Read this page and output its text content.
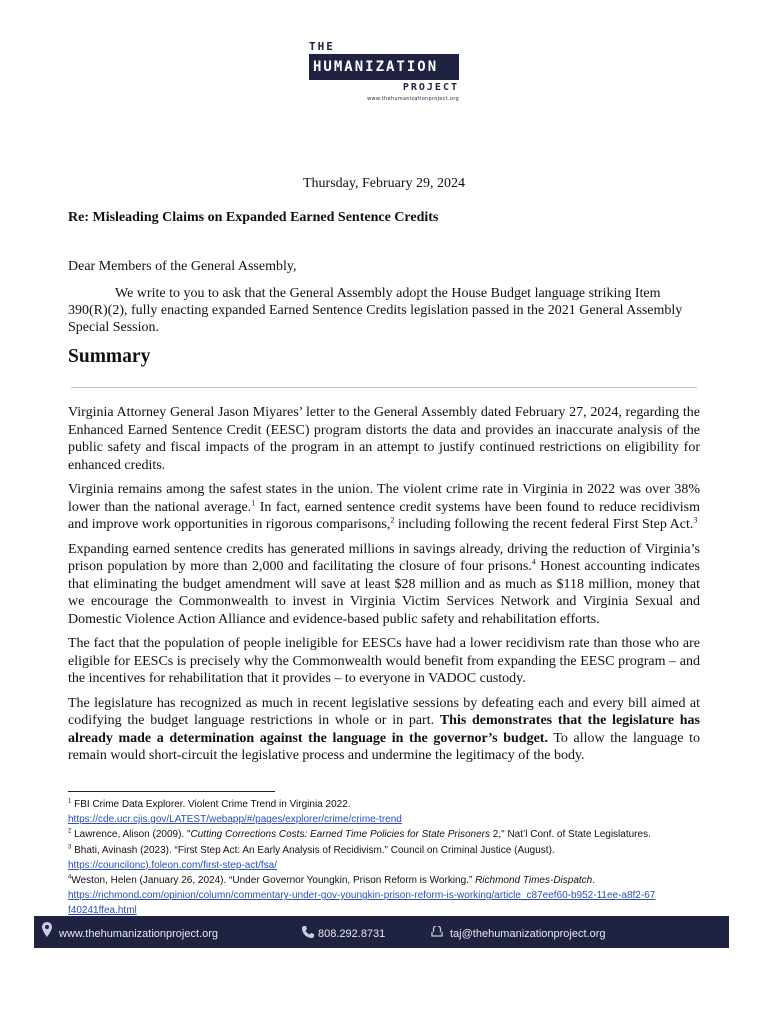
THE
HUMANIZATION
PROJECT
www.thehumanizationproject.org
Thursday, February 29, 2024
Re: Misleading Claims on Expanded Earned Sentence Credits
Dear Members of the General Assembly,

We write to you to ask that the General Assembly adopt the House Budget language striking Item 390(R)(2), fully enacting expanded Earned Sentence Credits legislation passed in the 2021 General Assembly Special Session.

Summary

Virginia Attorney General Jason Miyares’ letter to the General Assembly dated February 27, 2024, regarding the Enhanced Earned Sentence Credit (EESC) program distorts the data and provides an inaccurate analysis of the public safety and fiscal impacts of the program in an attempt to justify continued restrictions on eligibility for enhanced credits.

Virginia remains among the safest states in the union. The violent crime rate in Virginia in 2022 was over 38% lower than the national average.$^1$ In fact, earned sentence credit systems have been found to reduce recidivism and improve work opportunities in rigorous comparisons,$^2$ including following the recent federal First Step Act.$^3$

Expanding earned sentence credits has generated millions in savings already, driving the reduction of Virginia’s prison population by more than 2,000 and facilitating the closure of four prisons.$^4$ Honest accounting indicates that eliminating the budget amendment will save at least $28 million and as much as $118 million, money that we encourage the Commonwealth to invest in Virginia Victim Services Network and Virginia Sexual and Domestic Violence Action Alliance and evidence-based public safety and rehabilitation efforts.

The fact that the population of people ineligible for EESCs have had a lower recidivism rate than those who are eligible for EESCs is precisely why the Commonwealth would benefit from expanding the EESC program – and the incentives for rehabilitation that it provides – to everyone in VADOC custody.

The legislature has recognized as much in recent legislative sessions by defeating each and every bill aimed at codifying the budget language restrictions in whole or in part. This demonstrates that the legislature has already made a determination against the language in the governor’s budget. To allow the language to remain would short-circuit the legislative process and undermine the legitimacy of the body.

$^1$ FBI Crime Data Explorer. Violent Crime Trend in Virginia 2022.
https://cde.ucr.cjis.gov/LATEST/webapp/#/pages/explorer/crime/crime-trend
$^2$ Lawrence, Alison (2009). "Cutting Corrections Costs: Earned Time Policies for State Prisoners 2," Nat’l Conf. of State Legislatures.
$^3$ Bhati, Avinash (2023). “First Step Act: An Early Analysis of Recidivism.” Council on Criminal Justice (August).
https://councilonc).foleon.com/first-step-act/fsa/
$^4$Weston, Helen (January 26, 2024). “Under Governor Youngkin, Prison Reform is Working.” Richmond Times-Dispatch.
https://richmond.com/opinion/column/commentary-under-gov-youngkin-prison-reform-is-working/article_c87eef60-b952-11ee-a8f2-67
f40241ffea.html
www.thehumanizationproject.org	808.292.8731	taj@thehumanizationproject.org
